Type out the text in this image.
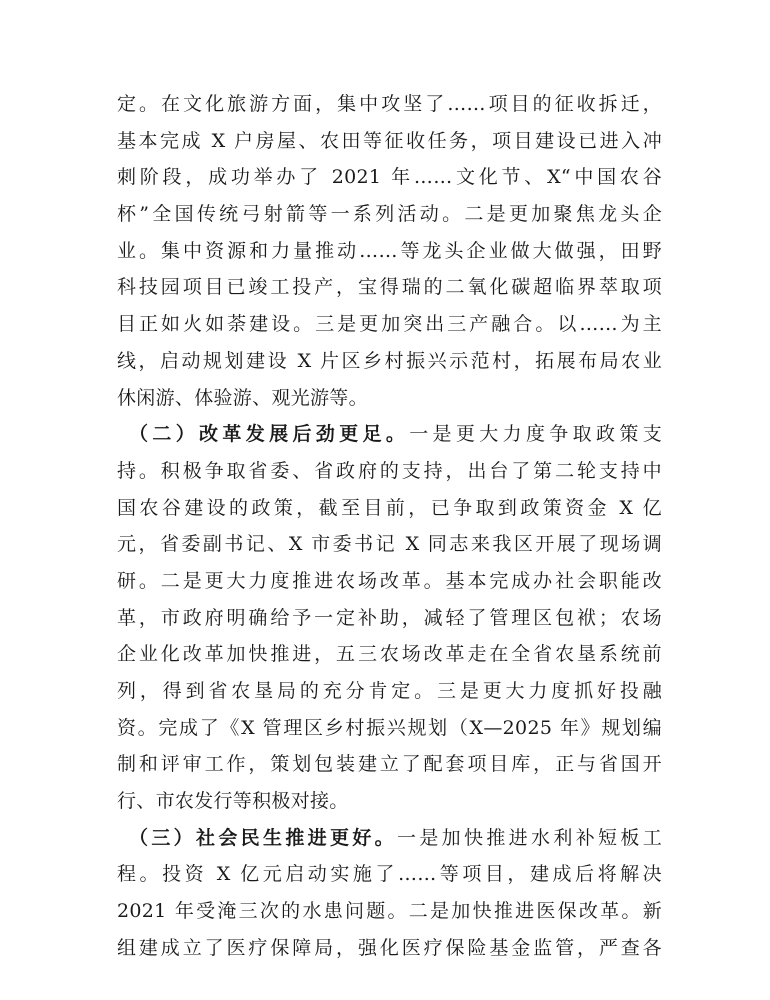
定。在文化旅游方面，集中攻坚了……项目的征收拆迁，
基本完成 X 户房屋、农田等征收任务，项目建设已进入冲
刺阶段，成功举办了 2021 年……文化节、X“中国农谷
杯”全国传统弓射箭等一系列活动。二是更加聚焦龙头企
业。集中资源和力量推动……等龙头企业做大做强，田野
科技园项目已竣工投产，宝得瑞的二氧化碳超临界萃取项
目正如火如荼建设。三是更加突出三产融合。以……为主
线，启动规划建设 X 片区乡村振兴示范村，拓展布局农业
休闲游、体验游、观光游等。
（二）改革发展后劲更足。一是更大力度争取政策支
持。积极争取省委、省政府的支持，出台了第二轮支持中
国农谷建设的政策，截至目前，已争取到政策资金 X 亿
元，省委副书记、X 市委书记 X 同志来我区开展了现场调
研。二是更大力度推进农场改革。基本完成办社会职能改
革，市政府明确给予一定补助，减轻了管理区包袱；农场
企业化改革加快推进，五三农场改革走在全省农垦系统前
列，得到省农垦局的充分肯定。三是更大力度抓好投融
资。完成了《X 管理区乡村振兴规划（X—2025 年》规划编
制和评审工作，策划包装建立了配套项目库，正与省国开
行、市农发行等积极对接。
（三）社会民生推进更好。一是加快推进水利补短板工
程。投资 X 亿元启动实施了……等项目，建成后将解决
2021 年受淹三次的水患问题。二是加快推进医保改革。新
组建成立了医疗保障局，强化医疗保险基金监管，严查各
